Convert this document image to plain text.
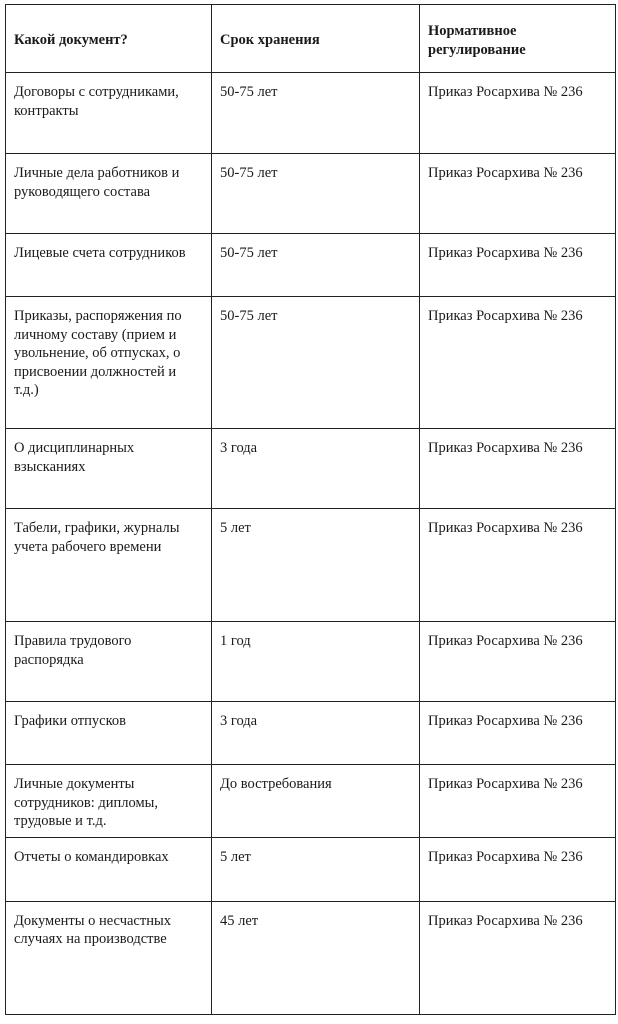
Какой документ?	Срок хранения	Нормативное регулирование
Договоры с сотрудниками, контракты	50-75 лет	Приказ Росархива № 236
Личные дела работников и руководящего состава	50-75 лет	Приказ Росархива № 236
Лицевые счета сотрудников	50-75 лет	Приказ Росархива № 236
Приказы, распоряжения по личному составу (прием и увольнение, об отпусках, о присвоении должностей и т.д.)	50-75 лет	Приказ Росархива № 236
О дисциплинарных взысканиях	3 года	Приказ Росархива № 236
Табели, графики, журналы учета рабочего времени	5 лет	Приказ Росархива № 236
Правила трудового распорядка	1 год	Приказ Росархива № 236
Графики отпусков	3 года	Приказ Росархива № 236
Личные документы сотрудников: дипломы, трудовые и т.д.	До востребования	Приказ Росархива № 236
Отчеты о командировках	5 лет	Приказ Росархива № 236
Документы о несчастных случаях на производстве	45 лет	Приказ Росархива № 236
